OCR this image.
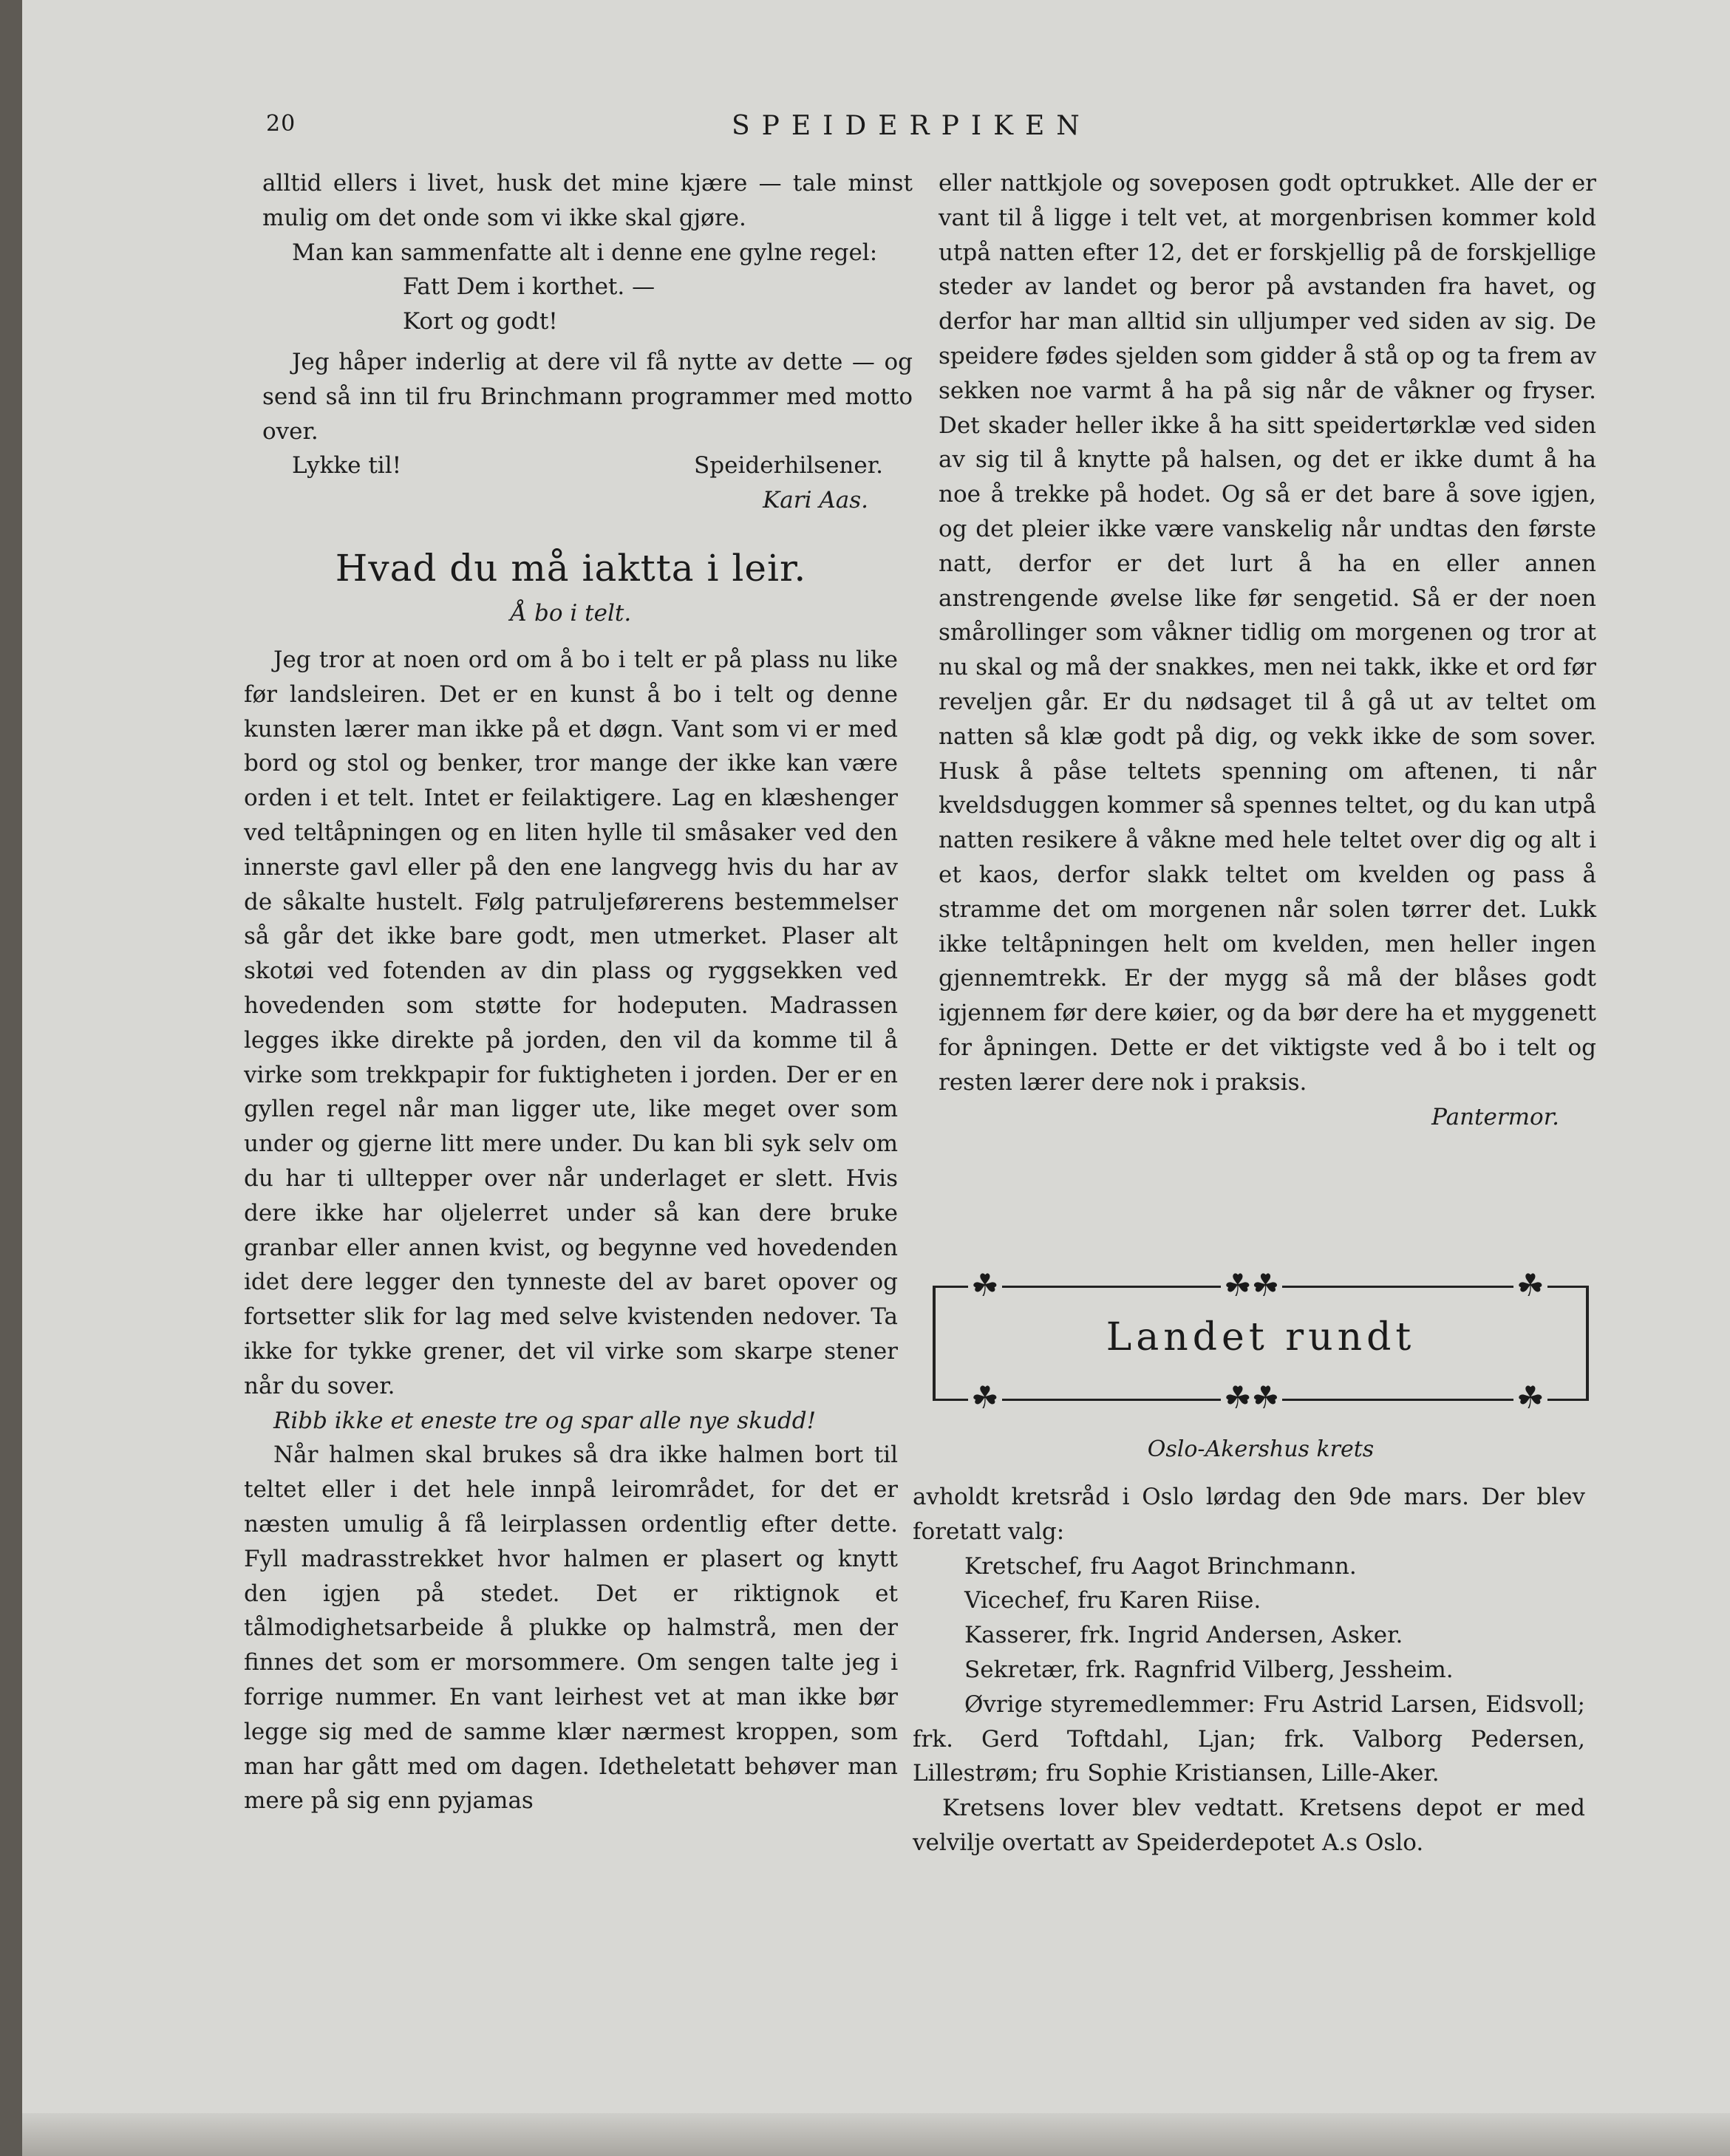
20	SPEIDERPIKEN

alltid ellers i livet, husk det mine kjære — tale minst mulig om det onde som vi ikke skal gjøre.

Man kan sammenfatte alt i denne ene gylne regel:

Fatt Dem i korthet. —

Kort og godt!

Jeg håper inderlig at dere vil få nytte av dette — og send så inn til fru Brinchmann programmer med motto over.

Lykke til!	Speiderhilsener.

Kari Aas.

Hvad du må iaktta i leir.
Å bo i telt.

Jeg tror at noen ord om å bo i telt er på plass nu like før landsleiren. Det er en kunst å bo i telt og denne kunsten lærer man ikke på et døgn. Vant som vi er med bord og stol og benker, tror mange der ikke kan være orden i et telt. Intet er feilaktigere. Lag en klæshenger ved teltåpningen og en liten hylle til småsaker ved den innerste gavl eller på den ene langvegg hvis du har av de såkalte hustelt. Følg patruljeførerens bestemmelser så går det ikke bare godt, men utmerket. Plaser alt skotøi ved fotenden av din plass og ryggsekken ved hovedenden som støtte for hodeputen. Madrassen legges ikke direkte på jorden, den vil da komme til å virke som trekkpapir for fuktigheten i jorden. Der er en gyllen regel når man ligger ute, like meget over som under og gjerne litt mere under. Du kan bli syk selv om du har ti ulltepper over når underlaget er slett. Hvis dere ikke har oljelerret under så kan dere bruke granbar eller annen kvist, og begynne ved hovedenden idet dere legger den tynneste del av baret opover og fortsetter slik for lag med selve kvistenden nedover. Ta ikke for tykke grener, det vil virke som skarpe stener når du sover.

Ribb ikke et eneste tre og spar alle nye skudd!

Når halmen skal brukes så dra ikke halmen bort til teltet eller i det hele innpå leirområdet, for det er næsten umulig å få leirplassen ordentlig efter dette. Fyll madrasstrekket hvor halmen er plasert og knytt den igjen på stedet. Det er riktignok et tålmodighetsarbeide å plukke op halmstrå, men der finnes det som er morsommere. Om sengen talte jeg i forrige nummer. En vant leirhest vet at man ikke bør legge sig med de samme klær nærmest kroppen, som man har gått med om dagen. Idetheletatt behøver man mere på sig enn pyjamas

eller nattkjole og soveposen godt optrukket. Alle der er vant til å ligge i telt vet, at morgenbrisen kommer kold utpå natten efter 12, det er forskjellig på de forskjellige steder av landet og beror på avstanden fra havet, og derfor har man alltid sin ulljumper ved siden av sig. De speidere fødes sjelden som gidder å stå op og ta frem av sekken noe varmt å ha på sig når de våkner og fryser. Det skader heller ikke å ha sitt speidertørklæ ved siden av sig til å knytte på halsen, og det er ikke dumt å ha noe å trekke på hodet. Og så er det bare å sove igjen, og det pleier ikke være vanskelig når undtas den første natt, derfor er det lurt å ha en eller annen anstrengende øvelse like før sengetid. Så er der noen smårollinger som våkner tidlig om morgenen og tror at nu skal og må der snakkes, men nei takk, ikke et ord før reveljen går. Er du nødsaget til å gå ut av teltet om natten så klæ godt på dig, og vekk ikke de som sover. Husk å påse teltets spenning om aftenen, ti når kveldsduggen kommer så spennes teltet, og du kan utpå natten resikere å våkne med hele teltet over dig og alt i et kaos, derfor slakk teltet om kvelden og pass å stramme det om morgenen når solen tørrer det. Lukk ikke teltåpningen helt om kvelden, men heller ingen gjennemtrekk. Er der mygg så må der blåses godt igjennem før dere køier, og da bør dere ha et myggenett for åpningen. Dette er det viktigste ved å bo i telt og resten lærer dere nok i praksis.

Pantermor.

☘	☘☘	☘
☘	☘☘	☘
Landet rundt
Oslo-Akershus krets

avholdt kretsråd i Oslo lørdag den 9de mars. Der blev foretatt valg:

Kretschef, fru Aagot Brinchmann.

Vicechef, fru Karen Riise.

Kasserer, frk. Ingrid Andersen, Asker.

Sekretær, frk. Ragnfrid Vilberg, Jessheim.

Øvrige styremedlemmer: Fru Astrid Larsen, Eidsvoll; frk. Gerd Toftdahl, Ljan; frk. Valborg Pedersen, Lillestrøm; fru Sophie Kristiansen, Lille-Aker.

Kretsens lover blev vedtatt. Kretsens depot er med velvilje overtatt av Speiderdepotet A.s Oslo.
